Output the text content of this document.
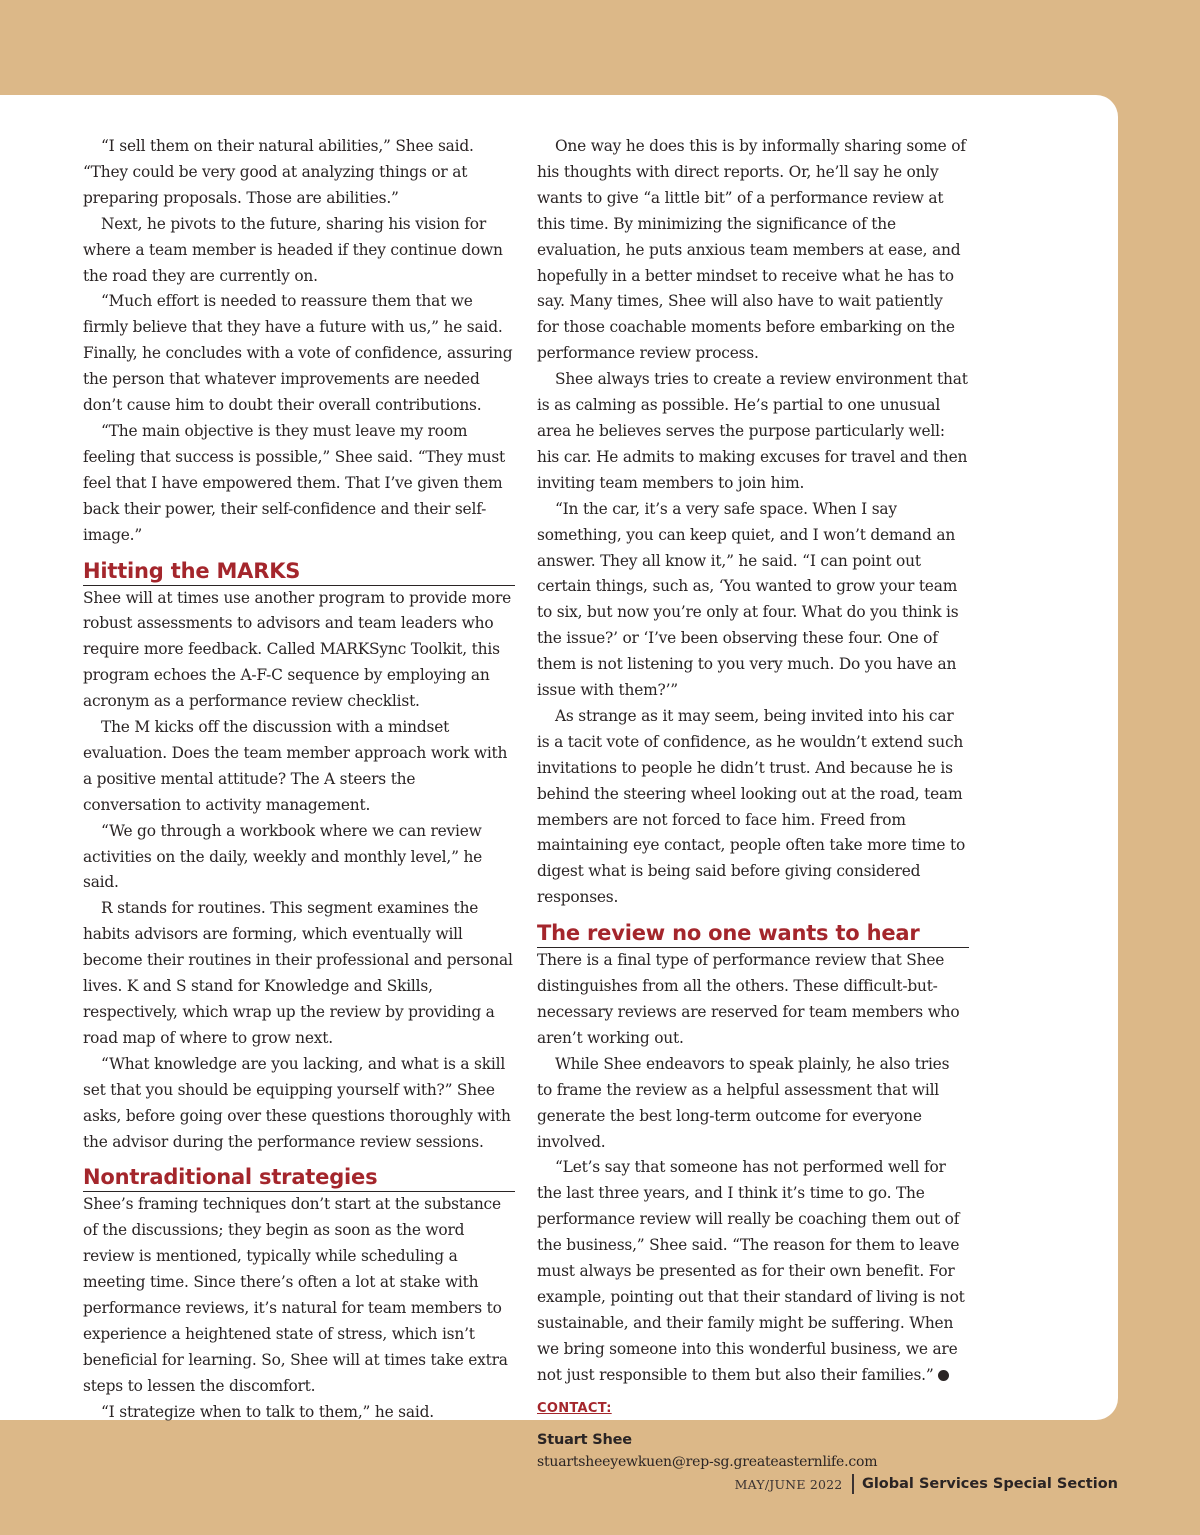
“I sell them on their natural abilities,” Shee said. “They could be very good at analyzing things or at preparing proposals. Those are abilities.”

Next, he pivots to the future, sharing his vision for where a team member is headed if they continue down the road they are currently on.

“Much effort is needed to reassure them that we firmly believe that they have a future with us,” he said. Finally, he concludes with a vote of confidence, assuring the person that whatever improvements are needed don’t cause him to doubt their overall contributions.

“The main objective is they must leave my room feeling that success is possible,” Shee said. “They must feel that I have empowered them. That I’ve given them back their power, their self-confidence and their self-image.”

Hitting the MARKS

Shee will at times use another program to provide more robust assessments to advisors and team leaders who require more feedback. Called MARKSync Toolkit, this program echoes the A-F-C sequence by employing an acronym as a performance review checklist.

The M kicks off the discussion with a mindset evaluation. Does the team member approach work with a positive mental attitude? The A steers the conversation to activity management.

“We go through a workbook where we can review activities on the daily, weekly and monthly level,” he said.

R stands for routines. This segment examines the habits advisors are forming, which eventually will become their routines in their professional and personal lives. K and S stand for Knowledge and Skills, respectively, which wrap up the review by providing a road map of where to grow next.

“What knowledge are you lacking, and what is a skill set that you should be equipping yourself with?” Shee asks, before going over these questions thoroughly with the advisor during the performance review sessions.

Nontraditional strategies

Shee’s framing techniques don’t start at the substance of the discussions; they begin as soon as the word review is mentioned, typically while scheduling a meeting time. Since there’s often a lot at stake with performance reviews, it’s natural for team members to experience a heightened state of stress, which isn’t beneficial for learning. So, Shee will at times take extra steps to lessen the discomfort.

“I strategize when to talk to them,” he said.

One way he does this is by informally sharing some of his thoughts with direct reports. Or, he’ll say he only wants to give “a little bit” of a performance review at this time. By minimizing the significance of the evaluation, he puts anxious team members at ease, and hopefully in a better mindset to receive what he has to say. Many times, Shee will also have to wait patiently for those coachable moments before embarking on the performance review process.

Shee always tries to create a review environment that is as calming as possible. He’s partial to one unusual area he believes serves the purpose particularly well: his car. He admits to making excuses for travel and then inviting team members to join him.

“In the car, it’s a very safe space. When I say something, you can keep quiet, and I won’t demand an answer. They all know it,” he said. “I can point out certain things, such as, ‘You wanted to grow your team to six, but now you’re only at four. What do you think is the issue?’ or ‘I’ve been observing these four. One of them is not listening to you very much. Do you have an issue with them?’”

As strange as it may seem, being invited into his car is a tacit vote of confidence, as he wouldn’t extend such invitations to people he didn’t trust. And because he is behind the steering wheel looking out at the road, team members are not forced to face him. Freed from maintaining eye contact, people often take more time to digest what is being said before giving considered responses.

The review no one wants to hear

There is a final type of performance review that Shee distinguishes from all the others. These difficult-but-necessary reviews are reserved for team members who aren’t working out.

While Shee endeavors to speak plainly, he also tries to frame the review as a helpful assessment that will generate the best long-term outcome for everyone involved.

“Let’s say that someone has not performed well for the last three years, and I think it’s time to go. The performance review will really be coaching them out of the business,” Shee said. “The reason for them to leave must always be presented as for their own benefit. For example, pointing out that their standard of living is not sustainable, and their family might be suffering. When we bring someone into this wonderful business, we are not just responsible to them but also their families.”

CONTACT:

Stuart Shee

stuartsheeyewkuen@rep-sg.greateasternlife.com

MAY/JUNE 2022 Global Services Special Section
